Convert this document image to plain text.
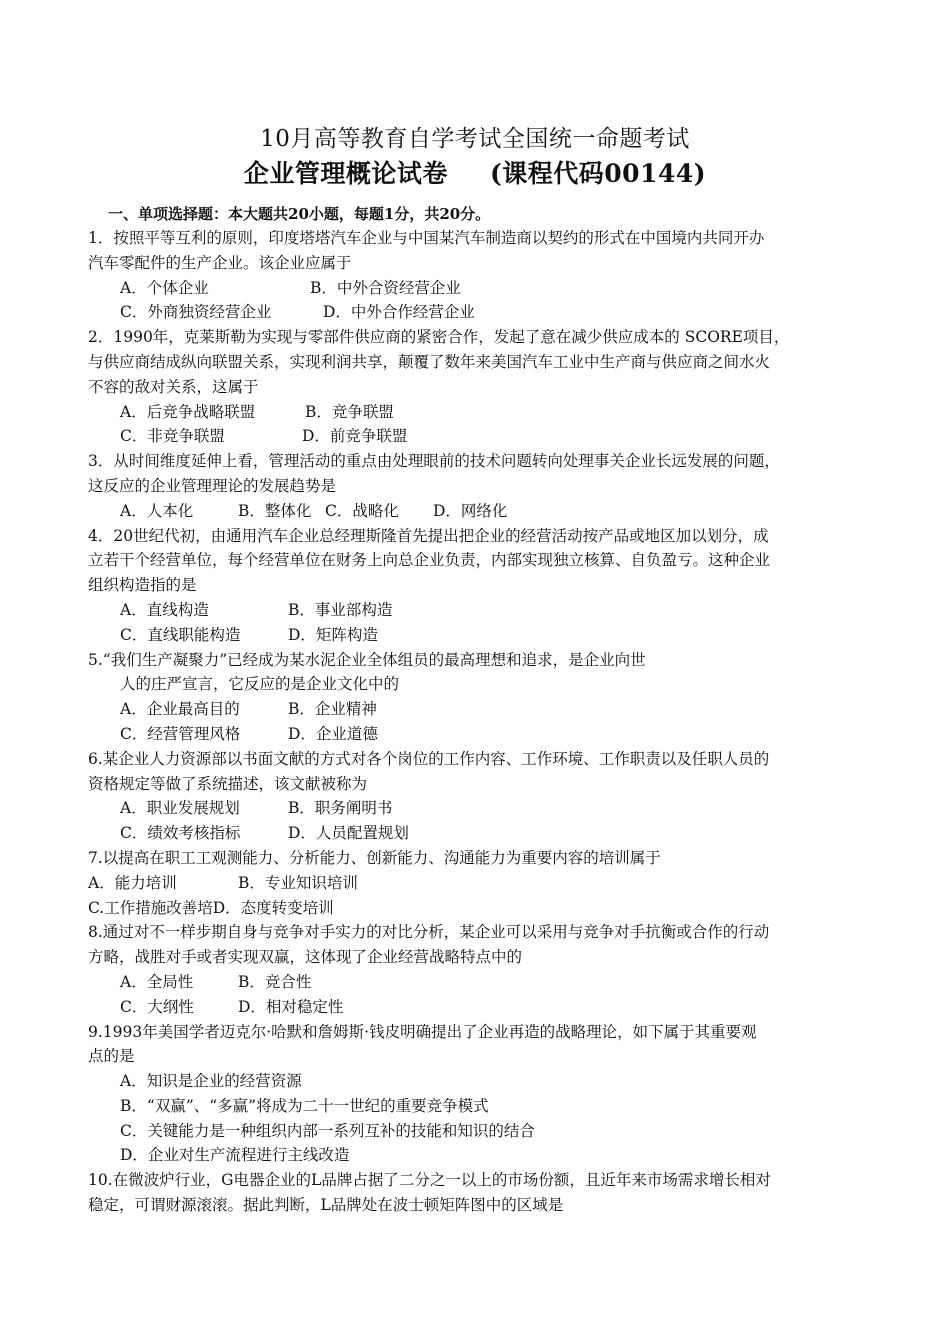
10月高等教育自学考试全国统一命题考试
企业管理概论试卷 (课程代码00144)
一、单项选择题：本大题共20小题，每题1分，共20分。
1．按照平等互利的原则，印度塔塔汽车企业与中国某汽车制造商以契约的形式在中国境内共同开办
汽车零配件的生产企业。该企业应属于
A．个体企业	B．中外合资经营企业
C．外商独资经营企业	D．中外合作经营企业
2．1990年，克莱斯勒为实现与零部件供应商的紧密合作，发起了意在减少供应成本的 SCORE项目，
与供应商结成纵向联盟关系，实现利润共享，颠覆了数年来美国汽车工业中生产商与供应商之间水火
不容的敌对关系，这属于
A．后竞争战略联盟	B．竞争联盟
C．非竞争联盟	D．前竞争联盟
3．从时间维度延伸上看，管理活动的重点由处理眼前的技术问题转向处理事关企业长远发展的问题，
这反应的企业管理理论的发展趋势是
A．人本化	B．整体化 C．战略化 D．网络化
4．20世纪代初，由通用汽车企业总经理斯隆首先提出把企业的经营活动按产品或地区加以划分，成
立若干个经营单位，每个经营单位在财务上向总企业负责，内部实现独立核算、自负盈亏。这种企业
组织构造指的是
A．直线构造	B．事业部构造
C．直线职能构造	D．矩阵构造
5.“我们生产凝聚力”已经成为某水泥企业全体组员的最高理想和追求，是企业向世
人的庄严宣言，它反应的是企业文化中的
A．企业最高目的	B．企业精神
C．经营管理风格	D．企业道德
6.某企业人力资源部以书面文献的方式对各个岗位的工作内容、工作环境、工作职责以及任职人员的
资格规定等做了系统描述，该文献被称为
A．职业发展规划	B．职务阐明书
C．绩效考核指标	D．人员配置规划
7.以提高在职工工观测能力、分析能力、创新能力、沟通能力为重要内容的培训属于
A．能力培训	B．专业知识培训
C.工作措施改善培D．态度转变培训
8.通过对不一样步期自身与竞争对手实力的对比分析，某企业可以采用与竞争对手抗衡或合作的行动
方略，战胜对手或者实现双赢，这体现了企业经营战略特点中的
A．全局性	B．竞合性
C．大纲性	D．相对稳定性
9.1993年美国学者迈克尔·哈默和詹姆斯·钱皮明确提出了企业再造的战略理论，如下属于其重要观
点的是
A．知识是企业的经营资源
B．“双赢”、“多赢”将成为二十一世纪的重要竞争模式
C．关键能力是一种组织内部一系列互补的技能和知识的结合
D．企业对生产流程进行主线改造
10.在微波炉行业，G电器企业的L品牌占据了二分之一以上的市场份额，且近年来市场需求增长相对
稳定，可谓财源滚滚。据此判断，L品牌处在波士顿矩阵图中的区域是
